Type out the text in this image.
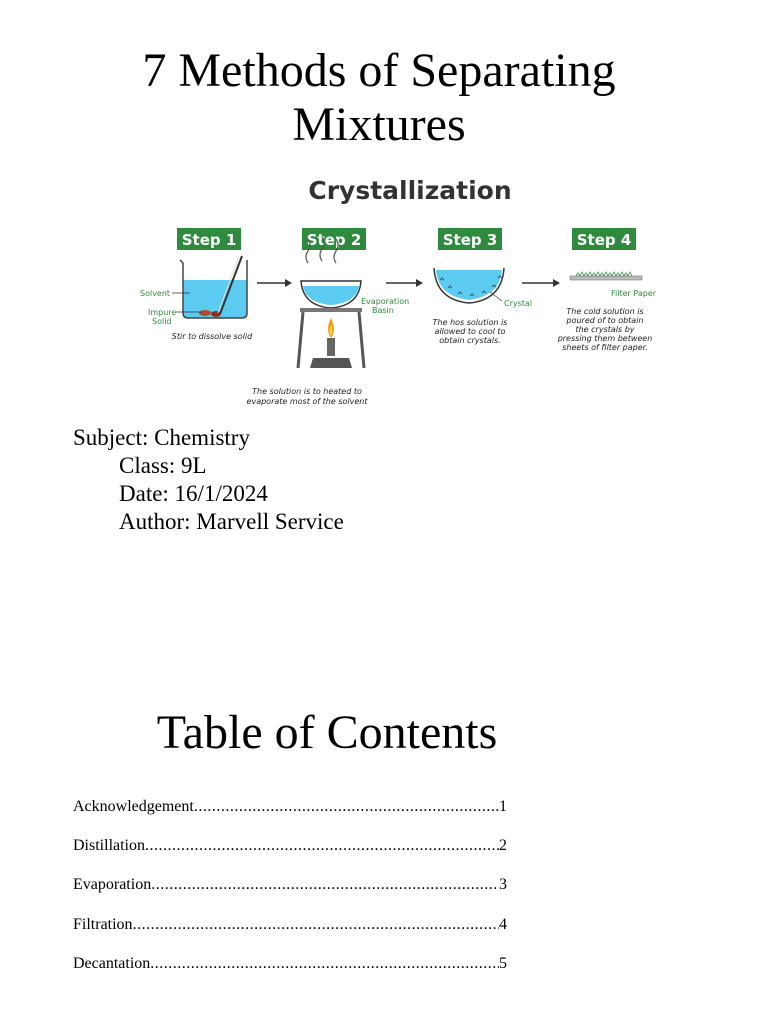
7 Methods of Separating
Mixtures
Crystallization
Step 1	Step 2	Step 3	Step 4
Solvent
Impure
Solid
Stir to dissolve solid
Evaporation
Basin
The solution is to heated to
evaporate most of the solvent
Crystal
The hos solution is
allowed to cool to
obtain crystals.
Filter Paper
The cold solution is
poured of to obtain
the crystals by
pressing them between
sheets of filter paper.
Subject: Chemistry
Class: 9L
Date: 16/1/2024
Author: Marvell Service
Table of Contents
Acknowledgement .....	1
Distillation .....	2
Evaporation .....	3
Filtration .....	4
Decantation .....	5
